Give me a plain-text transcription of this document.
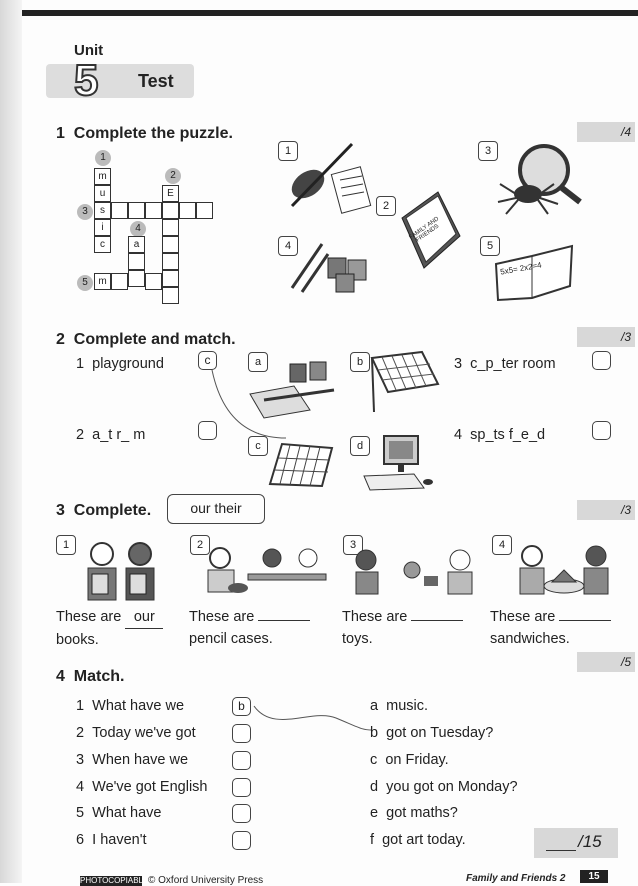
Unit
5 Test
1 Complete the puzzle.	/4
1
2
3
4
5
m
u
s
i
c
E
a
m
1
2
FAMILY AND FRIENDS
3
4	5
5x5= 2x2=4
2 Complete and match.	/3
1 playground	c
2 a_t r_ m
3 c_p_ter room
4 sp_ts f_e_d
a	b
c	d
3 Complete.	our their	/3
1	2	3	4
These are our
books.
These are
pencil cases.
These are
toys.
These are
sandwiches.
4 Match.
/5
1 What have we	b
2 Today we've got
3 When have we
4 We've got English
5 What have
6 I haven't
a music.
b got on Tuesday?
c on Friday.
d you got on Monday?
e got maths?
f got art today.	/15
PHOTOCOPIABLE © Oxford University Press	Family and Friends 2	15
